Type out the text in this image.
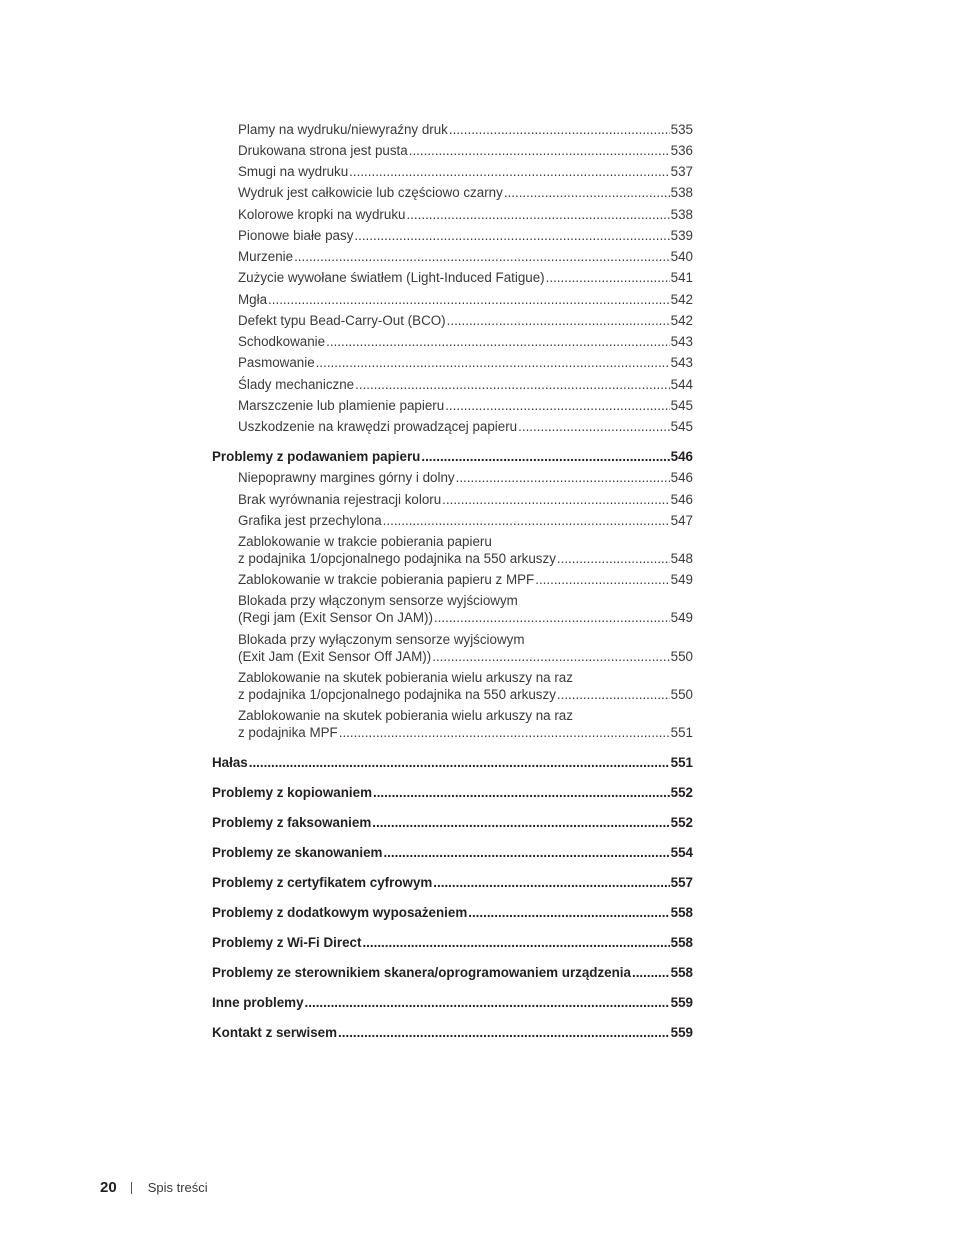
Plamy na wydruku/niewyraźny druk .....	535
Drukowana strona jest pusta .....	536
Smugi na wydruku .....	537
Wydruk jest całkowicie lub częściowo czarny .....	538
Kolorowe kropki na wydruku .....	538
Pionowe białe pasy .....	539
Murzenie .....	540
Zużycie wywołane światłem (Light-Induced Fatigue) .....	541
Mgła .....	542
Defekt typu Bead-Carry-Out (BCO) .....	542
Schodkowanie .....	543
Pasmowanie .....	543
Ślady mechaniczne .....	544
Marszczenie lub plamienie papieru .....	545
Uszkodzenie na krawędzi prowadzącej papieru .....	545
Problemy z podawaniem papieru .....	546
Niepoprawny margines górny i dolny .....	546
Brak wyrównania rejestracji koloru .....	546
Grafika jest przechylona .....	547
Zablokowanie w trakcie pobierania papieru
z podajnika 1/opcjonalnego podajnika na 550 arkuszy .....	548
Zablokowanie w trakcie pobierania papieru z MPF .....	549
Blokada przy włączonym sensorze wyjściowym
(Regi jam (Exit Sensor On JAM)) .....	549
Blokada przy wyłączonym sensorze wyjściowym
(Exit Jam (Exit Sensor Off JAM)) .....	550
Zablokowanie na skutek pobierania wielu arkuszy na raz
z podajnika 1/opcjonalnego podajnika na 550 arkuszy .....	550
Zablokowanie na skutek pobierania wielu arkuszy na raz
z podajnika MPF .....	551
Hałas .....	551
Problemy z kopiowaniem .....	552
Problemy z faksowaniem .....	552
Problemy ze skanowaniem .....	554
Problemy z certyfikatem cyfrowym .....	557
Problemy z dodatkowym wyposażeniem .....	558
Problemy z Wi-Fi Direct .....	558
Problemy ze sterownikiem skanera/oprogramowaniem urządzenia .....	558
Inne problemy .....	559
Kontakt z serwisem .....	559
20 Spis treści
